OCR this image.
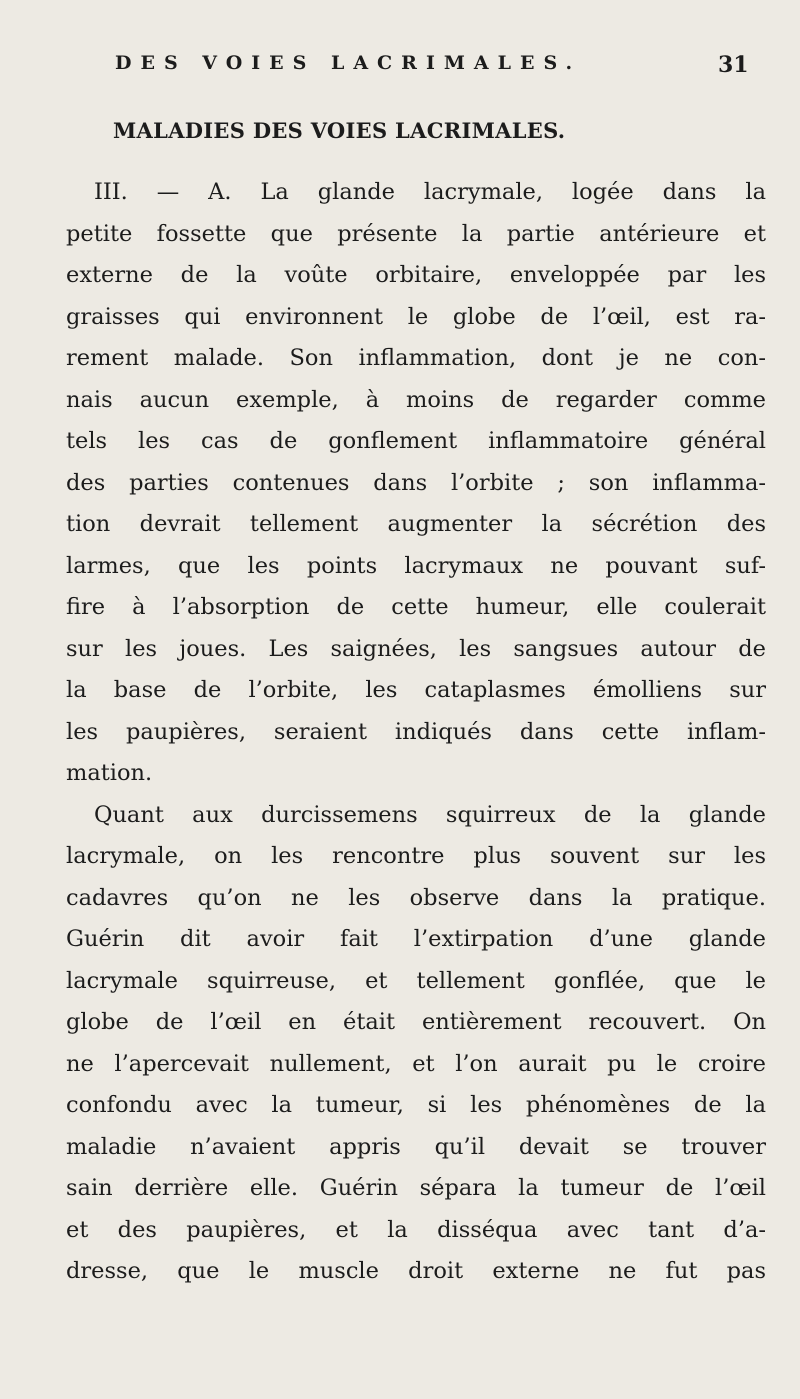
DES VOIES LACRIMALES.	31
MALADIES DES VOIES LACRIMALES.
III. — A. La glande lacrymale, logée dans la
petite fossette que présente la partie antérieure et
externe de la voûte orbitaire, enveloppée par les
graisses qui environnent le globe de l’œil, est ra-
rement malade. Son inflammation, dont je ne con-
nais aucun exemple, à moins de regarder comme
tels les cas de gonflement inflammatoire général
des parties contenues dans l’orbite ; son inflamma-
tion devrait tellement augmenter la sécrétion des
larmes, que les points lacrymaux ne pouvant suf-
fire à l’absorption de cette humeur, elle coulerait
sur les joues. Les saignées, les sangsues autour de
la base de l’orbite, les cataplasmes émolliens sur
les paupières, seraient indiqués dans cette inflam-
mation.
Quant aux durcissemens squirreux de la glande
lacrymale, on les rencontre plus souvent sur les
cadavres qu’on ne les observe dans la pratique.
Guérin dit avoir fait l’extirpation d’une glande
lacrymale squirreuse, et tellement gonflée, que le
globe de l’œil en était entièrement recouvert. On
ne l’apercevait nullement, et l’on aurait pu le croire
confondu avec la tumeur, si les phénomènes de la
maladie n’avaient appris qu’il devait se trouver
sain derrière elle. Guérin sépara la tumeur de l’œil
et des paupières, et la disséqua avec tant d’a-
dresse, que le muscle droit externe ne fut pas
